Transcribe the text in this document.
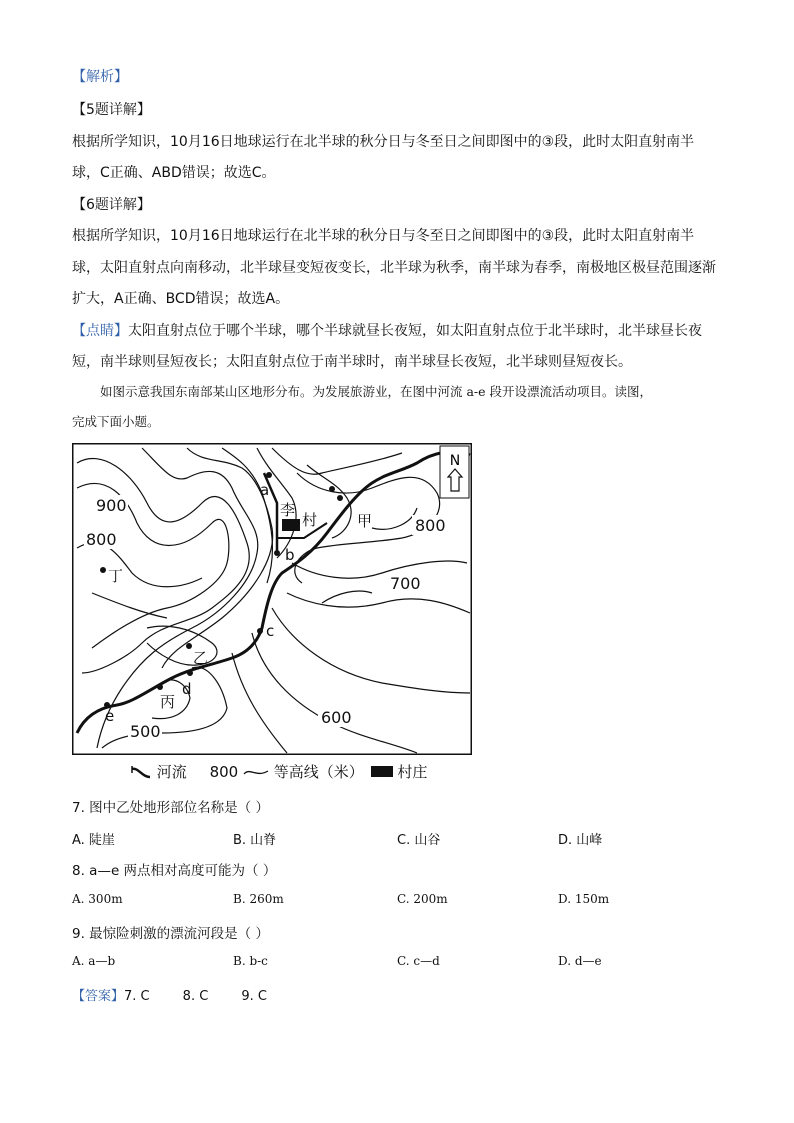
【解析】
【5题详解】
根据所学知识，10月16日地球运行在北半球的秋分日与冬至日之间即图中的③段，此时太阳直射南半
球，C正确、ABD错误；故选C。
【6题详解】
根据所学知识，10月16日地球运行在北半球的秋分日与冬至日之间即图中的③段，此时太阳直射南半
球，太阳直射点向南移动，北半球昼变短夜变长，北半球为秋季，南半球为春季，南极地区极昼范围逐渐
扩大，A正确、BCD错误；故选A。
【点睛】太阳直射点位于哪个半球，哪个半球就昼长夜短，如太阳直射点位于北半球时，北半球昼长夜
短，南半球则昼短夜长；太阳直射点位于南半球时，南半球昼长夜短，北半球则昼短夜长。
如图示意我国东南部某山区地形分布。为发展旅游业，在图中河流 a-e 段开设漂流活动项目。读图，
完成下面小题。
N
900
800
800
700
600
500
a
b
c
d
e
甲
乙
丙
丁
李
村
河流 800 等高线（米） 村庄
7. 图中乙处地形部位名称是（ ）
A. 陡崖	B. 山脊	C. 山谷	D. 山峰
8. a—e 两点相对高度可能为（ ）
A. 300m	B. 260m	C. 200m	D. 150m
9. 最惊险刺激的漂流河段是（ ）
A. a—b	B. b-c	C. c—d	D. d—e
【答案】7. C        8. C        9. C
